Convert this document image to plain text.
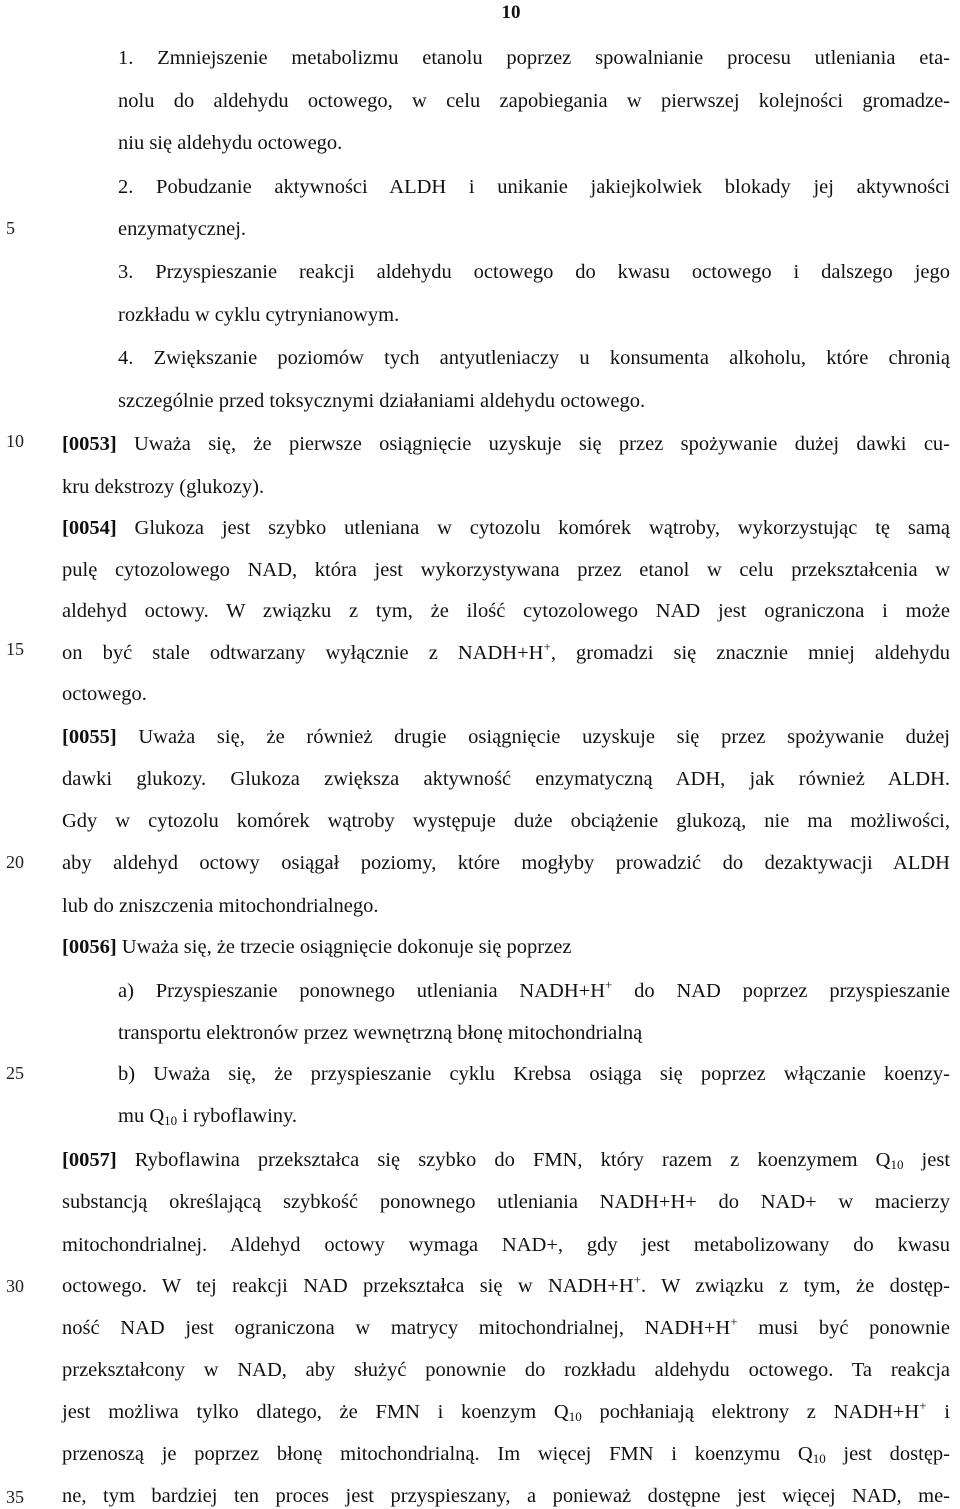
10
5
10
15
20
25
30
35
1. Zmniejszenie metabolizmu etanolu poprzez spowalnianie procesu utleniania eta-
nolu do aldehydu octowego, w celu zapobiegania w pierwszej kolejności gromadze-
niu się aldehydu octowego.
2. Pobudzanie aktywności ALDH i unikanie jakiejkolwiek blokady jej aktywności
enzymatycznej.
3. Przyspieszanie reakcji aldehydu octowego do kwasu octowego i dalszego jego
rozkładu w cyklu cytrynianowym.
4. Zwiększanie poziomów tych antyutleniaczy u konsumenta alkoholu, które chronią
szczególnie przed toksycznymi działaniami aldehydu octowego.
[0053] Uważa się, że pierwsze osiągnięcie uzyskuje się przez spożywanie dużej dawki cu-
kru dekstrozy (glukozy).
[0054] Glukoza jest szybko utleniana w cytozolu komórek wątroby, wykorzystując tę samą
pulę cytozolowego NAD, która jest wykorzystywana przez etanol w celu przekształcenia w
aldehyd octowy. W związku z tym, że ilość cytozolowego NAD jest ograniczona i może
on być stale odtwarzany wyłącznie z NADH+H+, gromadzi się znacznie mniej aldehydu
octowego.
[0055] Uważa się, że również drugie osiągnięcie uzyskuje się przez spożywanie dużej
dawki glukozy. Glukoza zwiększa aktywność enzymatyczną ADH, jak również ALDH.
Gdy w cytozolu komórek wątroby występuje duże obciążenie glukozą, nie ma możliwości,
aby aldehyd octowy osiągał poziomy, które mogłyby prowadzić do dezaktywacji ALDH
lub do zniszczenia mitochondrialnego.
[0056] Uważa się, że trzecie osiągnięcie dokonuje się poprzez
a) Przyspieszanie ponownego utleniania NADH+H+ do NAD poprzez przyspieszanie
transportu elektronów przez wewnętrzną błonę mitochondrialną
b) Uważa się, że przyspieszanie cyklu Krebsa osiąga się poprzez włączanie koenzy-
mu $Q_{10}$ i ryboflawiny.
[0057] Ryboflawina przekształca się szybko do FMN, który razem z koenzymem $Q_{10}$ jest
substancją określającą szybkość ponownego utleniania NADH+H+ do NAD+ w macierzy
mitochondrialnej. Aldehyd octowy wymaga NAD+, gdy jest metabolizowany do kwasu
octowego. W tej reakcji NAD przekształca się w NADH+H+. W związku z tym, że dostęp-
ność NAD jest ograniczona w matrycy mitochondrialnej, NADH+H+ musi być ponownie
przekształcony w NAD, aby służyć ponownie do rozkładu aldehydu octowego. Ta reakcja
jest możliwa tylko dlatego, że FMN i koenzym $Q_{10}$ pochłaniają elektrony z NADH+H+ i
przenoszą je poprzez błonę mitochondrialną. Im więcej FMN i koenzymu $Q_{10}$ jest dostęp-
ne, tym bardziej ten proces jest przyspieszany, a ponieważ dostępne jest więcej NAD, me-
